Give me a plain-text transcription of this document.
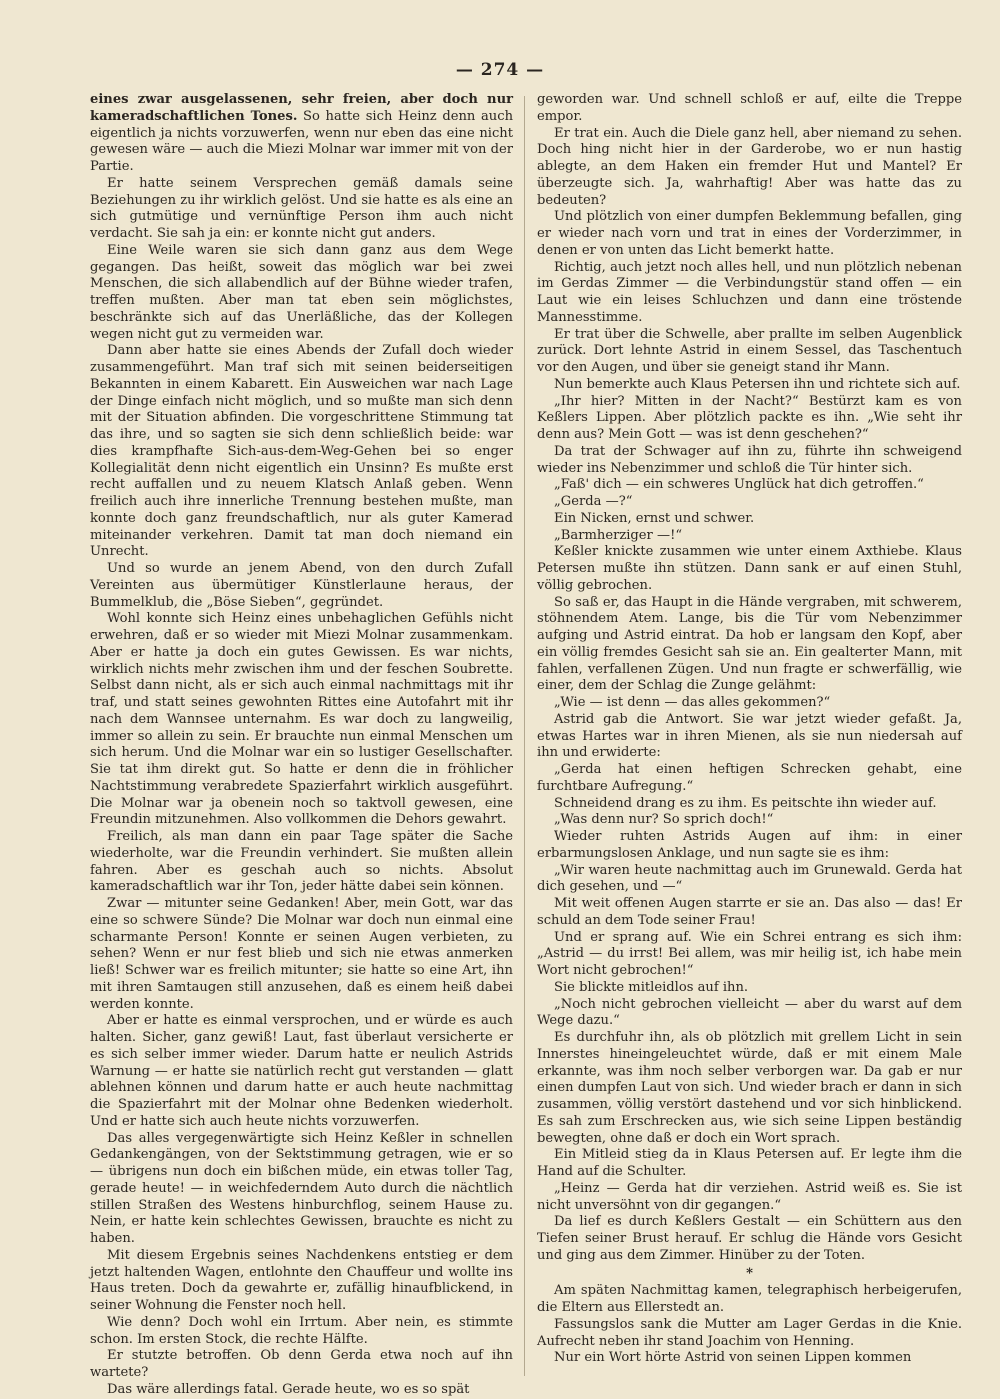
— 274 —

eines zwar ausgelassenen, sehr freien, aber doch nur kameradschaftlichen Tones. So hatte sich Heinz denn auch eigentlich ja nichts vorzuwerfen, wenn nur eben das eine nicht gewesen wäre — auch die Miezi Molnar war immer mit von der Partie.

Er hatte seinem Versprechen gemäß damals seine Beziehungen zu ihr wirklich gelöst. Und sie hatte es als eine an sich gutmütige und vernünftige Person ihm auch nicht verdacht. Sie sah ja ein: er konnte nicht gut anders.

Eine Weile waren sie sich dann ganz aus dem Wege gegangen. Das heißt, soweit das möglich war bei zwei Menschen, die sich allabendlich auf der Bühne wieder trafen, treffen mußten. Aber man tat eben sein möglichstes, beschränkte sich auf das Unerläßliche, das der Kollegen wegen nicht gut zu vermeiden war.

Dann aber hatte sie eines Abends der Zufall doch wieder zusammengeführt. Man traf sich mit seinen beiderseitigen Bekannten in einem Kabarett. Ein Ausweichen war nach Lage der Dinge einfach nicht möglich, und so mußte man sich denn mit der Situation abfinden. Die vorgeschrittene Stimmung tat das ihre, und so sagten sie sich denn schließlich beide: war dies krampfhafte Sich-aus-dem-Weg-Gehen bei so enger Kollegialität denn nicht eigentlich ein Unsinn? Es mußte erst recht auffallen und zu neuem Klatsch Anlaß geben. Wenn freilich auch ihre innerliche Trennung bestehen mußte, man konnte doch ganz freundschaftlich, nur als guter Kamerad miteinander verkehren. Damit tat man doch niemand ein Unrecht.

Und so wurde an jenem Abend, von den durch Zufall Vereinten aus übermütiger Künstlerlaune heraus, der Bummelklub, die „Böse Sieben“, gegründet.

Wohl konnte sich Heinz eines unbehaglichen Gefühls nicht erwehren, daß er so wieder mit Miezi Molnar zusammenkam. Aber er hatte ja doch ein gutes Gewissen. Es war nichts, wirklich nichts mehr zwischen ihm und der feschen Soubrette. Selbst dann nicht, als er sich auch einmal nachmittags mit ihr traf, und statt seines gewohnten Rittes eine Autofahrt mit ihr nach dem Wannsee unternahm. Es war doch zu langweilig, immer so allein zu sein. Er brauchte nun einmal Menschen um sich herum. Und die Molnar war ein so lustiger Gesellschafter. Sie tat ihm direkt gut. So hatte er denn die in fröhlicher Nachtstimmung verabredete Spazierfahrt wirklich ausgeführt. Die Molnar war ja obenein noch so taktvoll gewesen, eine Freundin mitzunehmen. Also vollkommen die Dehors gewahrt.

Freilich, als man dann ein paar Tage später die Sache wiederholte, war die Freundin verhindert. Sie mußten allein fahren. Aber es geschah auch so nichts. Absolut kameradschaftlich war ihr Ton, jeder hätte dabei sein können.

Zwar — mitunter seine Gedanken! Aber, mein Gott, war das eine so schwere Sünde? Die Molnar war doch nun einmal eine scharmante Person! Konnte er seinen Augen verbieten, zu sehen? Wenn er nur fest blieb und sich nie etwas anmerken ließ! Schwer war es freilich mitunter; sie hatte so eine Art, ihn mit ihren Samtaugen still anzusehen, daß es einem heiß dabei werden konnte.

Aber er hatte es einmal versprochen, und er würde es auch halten. Sicher, ganz gewiß! Laut, fast überlaut versicherte er es sich selber immer wieder. Darum hatte er neulich Astrids Warnung — er hatte sie natürlich recht gut verstanden — glatt ablehnen können und darum hatte er auch heute nachmittag die Spazierfahrt mit der Molnar ohne Bedenken wiederholt. Und er hatte sich auch heute nichts vorzuwerfen.

Das alles vergegenwärtigte sich Heinz Keßler in schnellen Gedankengängen, von der Sektstimmung getragen, wie er so — übrigens nun doch ein bißchen müde, ein etwas toller Tag, gerade heute! — in weichfederndem Auto durch die nächtlich stillen Straßen des Westens hinburchflog, seinem Hause zu. Nein, er hatte kein schlechtes Gewissen, brauchte es nicht zu haben.

Mit diesem Ergebnis seines Nachdenkens entstieg er dem jetzt haltenden Wagen, entlohnte den Chauffeur und wollte ins Haus treten. Doch da gewahrte er, zufällig hinaufblickend, in seiner Wohnung die Fenster noch hell.

Wie denn? Doch wohl ein Irrtum. Aber nein, es stimmte schon. Im ersten Stock, die rechte Hälfte.

Er stutzte betroffen. Ob denn Gerda etwa noch auf ihn wartete?

Das wäre allerdings fatal. Gerade heute, wo es so spät

geworden war. Und schnell schloß er auf, eilte die Treppe empor.

Er trat ein. Auch die Diele ganz hell, aber niemand zu sehen. Doch hing nicht hier in der Garderobe, wo er nun hastig ablegte, an dem Haken ein fremder Hut und Mantel? Er überzeugte sich. Ja, wahrhaftig! Aber was hatte das zu bedeuten?

Und plötzlich von einer dumpfen Beklemmung befallen, ging er wieder nach vorn und trat in eines der Vorderzimmer, in denen er von unten das Licht bemerkt hatte.

Richtig, auch jetzt noch alles hell, und nun plötzlich nebenan im Gerdas Zimmer — die Verbindungstür stand offen — ein Laut wie ein leises Schluchzen und dann eine tröstende Mannesstimme.

Er trat über die Schwelle, aber prallte im selben Augenblick zurück. Dort lehnte Astrid in einem Sessel, das Taschentuch vor den Augen, und über sie geneigt stand ihr Mann.

Nun bemerkte auch Klaus Petersen ihn und richtete sich auf.

„Ihr hier? Mitten in der Nacht?“ Bestürzt kam es von Keßlers Lippen. Aber plötzlich packte es ihn. „Wie seht ihr denn aus? Mein Gott — was ist denn geschehen?“

Da trat der Schwager auf ihn zu, führte ihn schweigend wieder ins Nebenzimmer und schloß die Tür hinter sich.

„Faß' dich — ein schweres Unglück hat dich getroffen.“

„Gerda —?“

Ein Nicken, ernst und schwer.

„Barmherziger —!“

Keßler knickte zusammen wie unter einem Axthiebe. Klaus Petersen mußte ihn stützen. Dann sank er auf einen Stuhl, völlig gebrochen.

So saß er, das Haupt in die Hände vergraben, mit schwerem, stöhnendem Atem. Lange, bis die Tür vom Nebenzimmer aufging und Astrid eintrat. Da hob er langsam den Kopf, aber ein völlig fremdes Gesicht sah sie an. Ein gealterter Mann, mit fahlen, verfallenen Zügen. Und nun fragte er schwerfällig, wie einer, dem der Schlag die Zunge gelähmt:

„Wie — ist denn — das alles gekommen?“

Astrid gab die Antwort. Sie war jetzt wieder gefaßt. Ja, etwas Hartes war in ihren Mienen, als sie nun niedersah auf ihn und erwiderte:

„Gerda hat einen heftigen Schrecken gehabt, eine furchtbare Aufregung.“

Schneidend drang es zu ihm. Es peitschte ihn wieder auf.

„Was denn nur? So sprich doch!“

Wieder ruhten Astrids Augen auf ihm: in einer erbarmungslosen Anklage, und nun sagte sie es ihm:

„Wir waren heute nachmittag auch im Grunewald. Gerda hat dich gesehen, und —“

Mit weit offenen Augen starrte er sie an. Das also — das! Er schuld an dem Tode seiner Frau!

Und er sprang auf. Wie ein Schrei entrang es sich ihm: „Astrid — du irrst! Bei allem, was mir heilig ist, ich habe mein Wort nicht gebrochen!“

Sie blickte mitleidlos auf ihn.

„Noch nicht gebrochen vielleicht — aber du warst auf dem Wege dazu.“

Es durchfuhr ihn, als ob plötzlich mit grellem Licht in sein Innerstes hineingeleuchtet würde, daß er mit einem Male erkannte, was ihm noch selber verborgen war. Da gab er nur einen dumpfen Laut von sich. Und wieder brach er dann in sich zusammen, völlig verstört dastehend und vor sich hinblickend. Es sah zum Erschrecken aus, wie sich seine Lippen beständig bewegten, ohne daß er doch ein Wort sprach.

Ein Mitleid stieg da in Klaus Petersen auf. Er legte ihm die Hand auf die Schulter.

„Heinz — Gerda hat dir verziehen. Astrid weiß es. Sie ist nicht unversöhnt von dir gegangen.“

Da lief es durch Keßlers Gestalt — ein Schüttern aus den Tiefen seiner Brust herauf. Er schlug die Hände vors Gesicht und ging aus dem Zimmer. Hinüber zu der Toten.

*

Am späten Nachmittag kamen, telegraphisch herbeigerufen, die Eltern aus Ellerstedt an.

Fassungslos sank die Mutter am Lager Gerdas in die Knie. Aufrecht neben ihr stand Joachim von Henning.

Nur ein Wort hörte Astrid von seinen Lippen kommen
